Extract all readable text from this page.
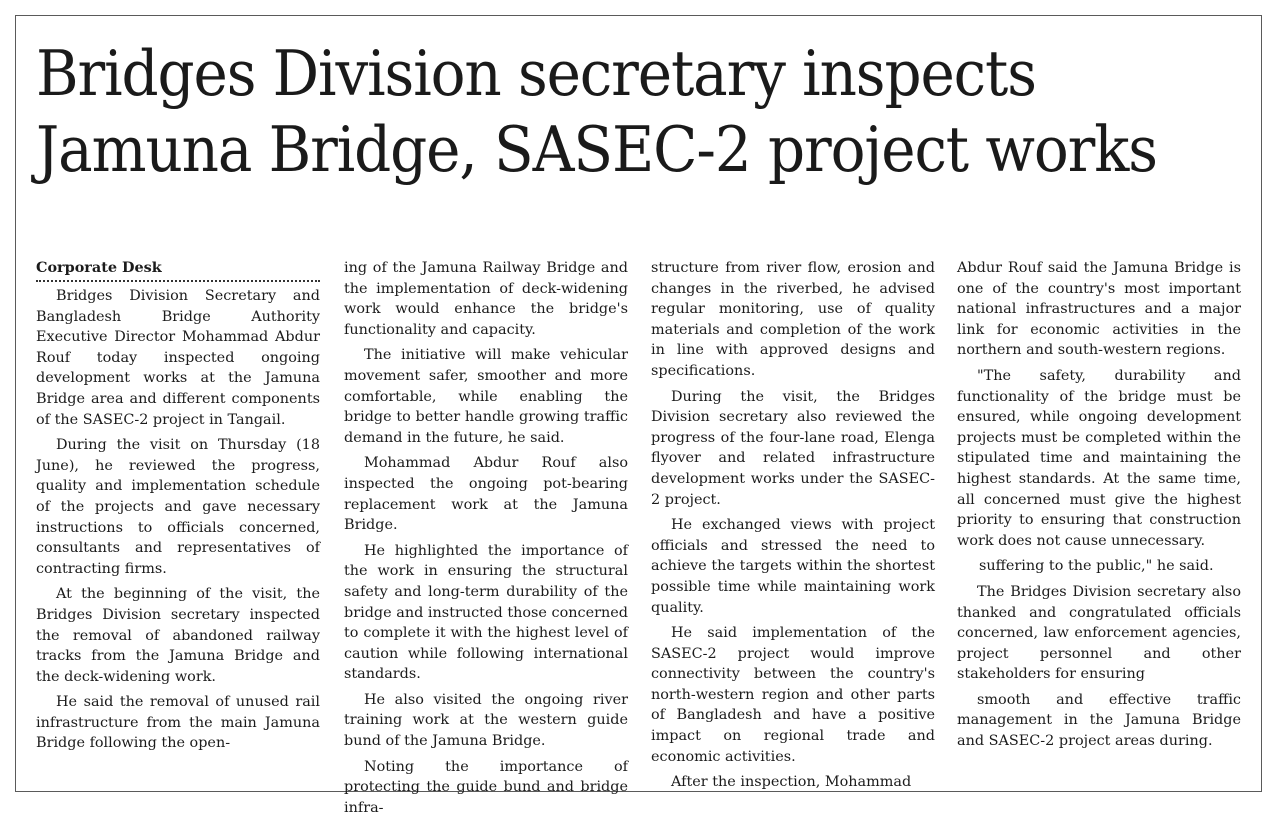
Bridges Division secretary inspects
Jamuna Bridge, SASEC-2 project works
Corporate Desk

Bridges Division Secretary and Bangladesh Bridge Authority Executive Director Mohammad Abdur Rouf today inspected ongoing development works at the Jamuna Bridge area and different components of the SASEC-2 project in Tangail.

During the visit on Thursday (18 June), he reviewed the progress, quality and implementation schedule of the projects and gave necessary instructions to officials concerned, consultants and representatives of contracting firms.

At the beginning of the visit, the Bridges Division secretary inspected the removal of abandoned railway tracks from the Jamuna Bridge and the deck-widening work.

He said the removal of unused rail infrastructure from the main Jamuna Bridge following the open-

ing of the Jamuna Railway Bridge and the implementation of deck-widening work would enhance the bridge's functionality and capacity.

The initiative will make vehicular movement safer, smoother and more comfortable, while enabling the bridge to better handle growing traffic demand in the future, he said.

Mohammad Abdur Rouf also inspected the ongoing pot-bearing replacement work at the Jamuna Bridge.

He highlighted the importance of the work in ensuring the structural safety and long-term durability of the bridge and instructed those concerned to complete it with the highest level of caution while following international standards.

He also visited the ongoing river training work at the western guide bund of the Jamuna Bridge.

Noting the importance of protecting the guide bund and bridge infra-

structure from river flow, erosion and changes in the riverbed, he advised regular monitoring, use of quality materials and completion of the work in line with approved designs and specifications.

During the visit, the Bridges Division secretary also reviewed the progress of the four-lane road, Elenga flyover and related infrastructure development works under the SASEC-2 project.

He exchanged views with project officials and stressed the need to achieve the targets within the shortest possible time while maintaining work quality.

He said implementation of the SASEC-2 project would improve connectivity between the country's north-western region and other parts of Bangladesh and have a positive impact on regional trade and economic activities.

After the inspection, Mohammad

Abdur Rouf said the Jamuna Bridge is one of the country's most important national infrastructures and a major link for economic activities in the northern and south-western regions.

"The safety, durability and functionality of the bridge must be ensured, while ongoing development projects must be completed within the stipulated time and maintaining the highest standards. At the same time, all concerned must give the highest priority to ensuring that construction work does not cause unnecessary.

suffering to the public," he said.

The Bridges Division secretary also thanked and congratulated officials concerned, law enforcement agencies, project personnel and other stakeholders for ensuring

smooth and effective traffic management in the Jamuna Bridge and SASEC-2 project areas during.
